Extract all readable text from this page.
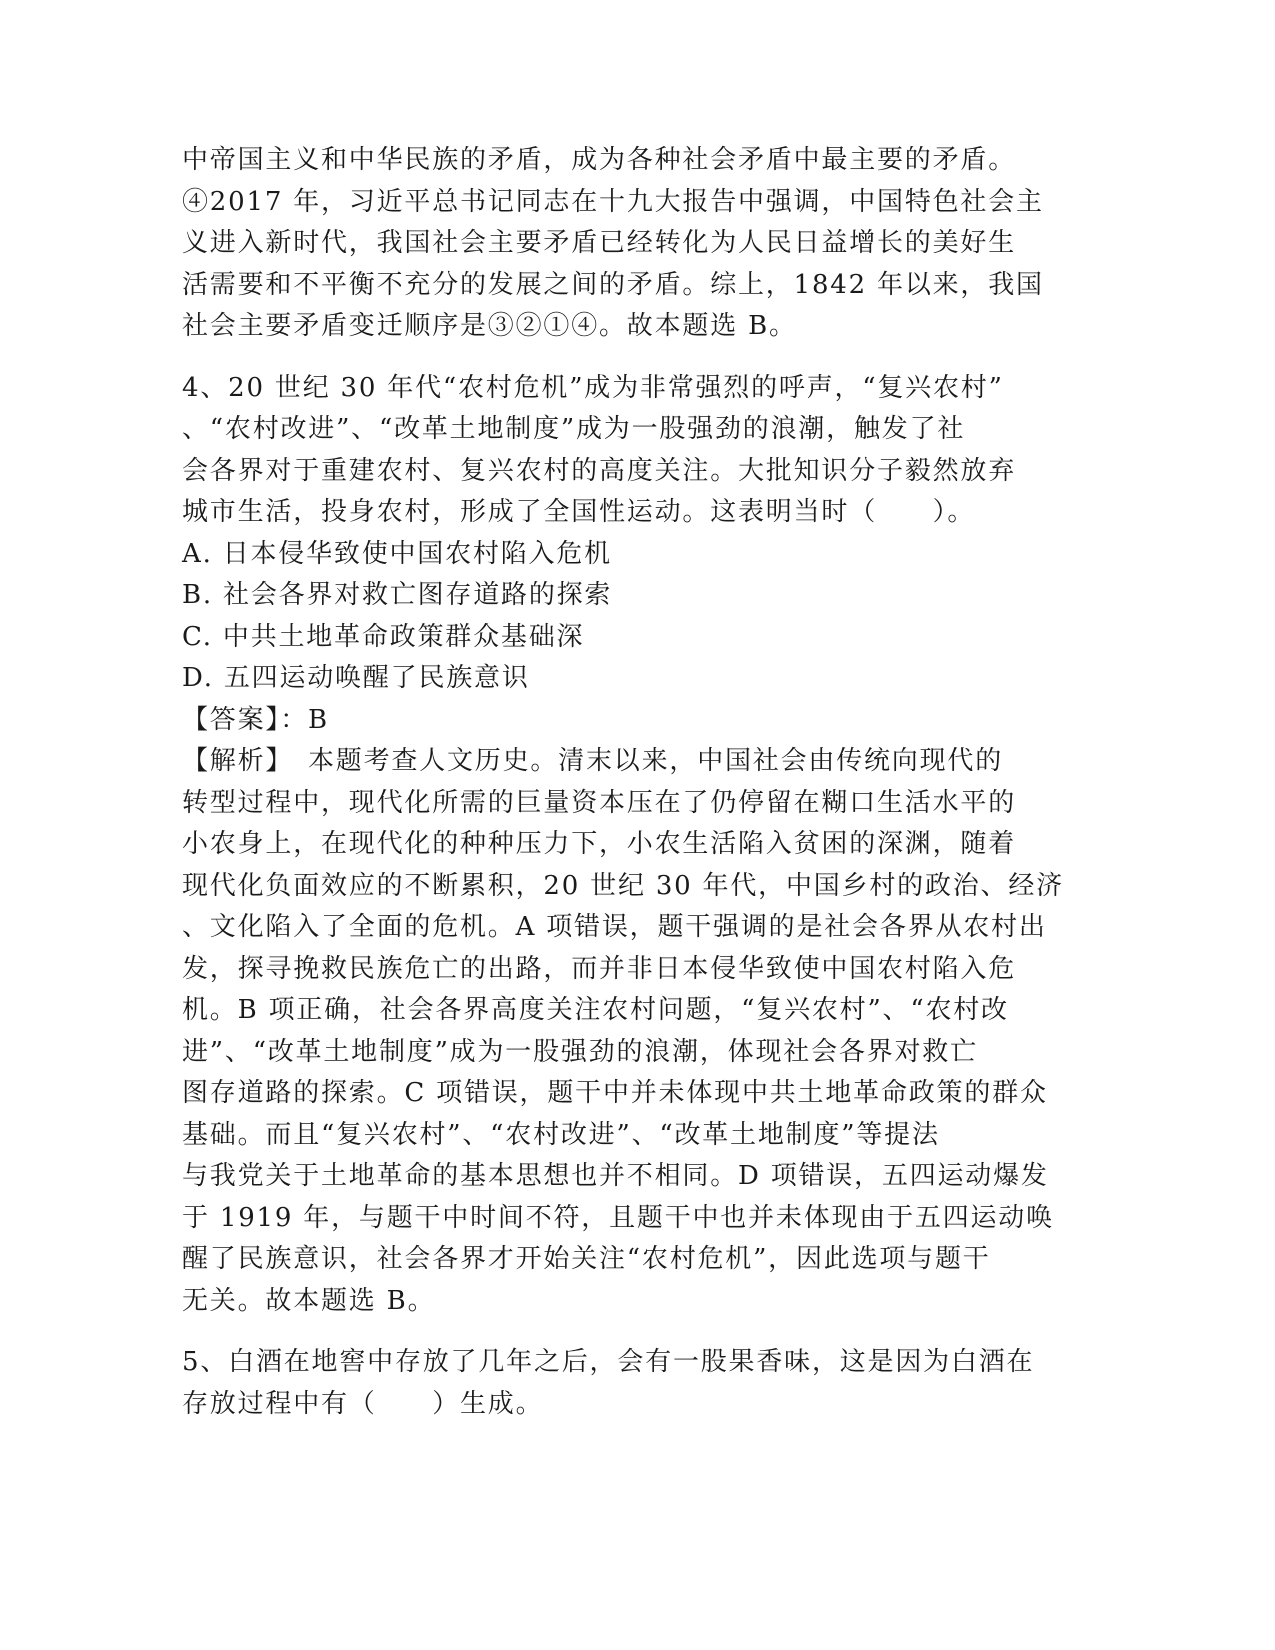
中帝国主义和中华民族的矛盾，成为各种社会矛盾中最主要的矛盾。
④2017 年，习近平总书记同志在十九大报告中强调，中国特色社会主
义进入新时代，我国社会主要矛盾已经转化为人民日益增长的美好生
活需要和不平衡不充分的发展之间的矛盾。综上，1842 年以来，我国
社会主要矛盾变迁顺序是③②①④。故本题选 B。
4、20 世纪 30 年代“农村危机”成为非常强烈的呼声，“复兴农村”
、“农村改进”、“改革土地制度”成为一股强劲的浪潮，触发了社
会各界对于重建农村、复兴农村的高度关注。大批知识分子毅然放弃
城市生活，投身农村，形成了全国性运动。这表明当时（　　）。
A. 日本侵华致使中国农村陷入危机
B. 社会各界对救亡图存道路的探索
C. 中共土地革命政策群众基础深
D. 五四运动唤醒了民族意识
【答案】：B
【解析】　本题考查人文历史。清末以来，中国社会由传统向现代的
转型过程中，现代化所需的巨量资本压在了仍停留在糊口生活水平的
小农身上，在现代化的种种压力下，小农生活陷入贫困的深渊，随着
现代化负面效应的不断累积，20 世纪 30 年代，中国乡村的政治、经济
、文化陷入了全面的危机。A 项错误，题干强调的是社会各界从农村出
发，探寻挽救民族危亡的出路，而并非日本侵华致使中国农村陷入危
机。B 项正确，社会各界高度关注农村问题，“复兴农村”、“农村改
进”、“改革土地制度”成为一股强劲的浪潮，体现社会各界对救亡
图存道路的探索。C 项错误，题干中并未体现中共土地革命政策的群众
基础。而且“复兴农村”、“农村改进”、“改革土地制度”等提法
与我党关于土地革命的基本思想也并不相同。D 项错误，五四运动爆发
于 1919 年，与题干中时间不符，且题干中也并未体现由于五四运动唤
醒了民族意识，社会各界才开始关注“农村危机”，因此选项与题干
无关。故本题选 B。
5、白酒在地窖中存放了几年之后，会有一股果香味，这是因为白酒在
存放过程中有（　　）生成。
